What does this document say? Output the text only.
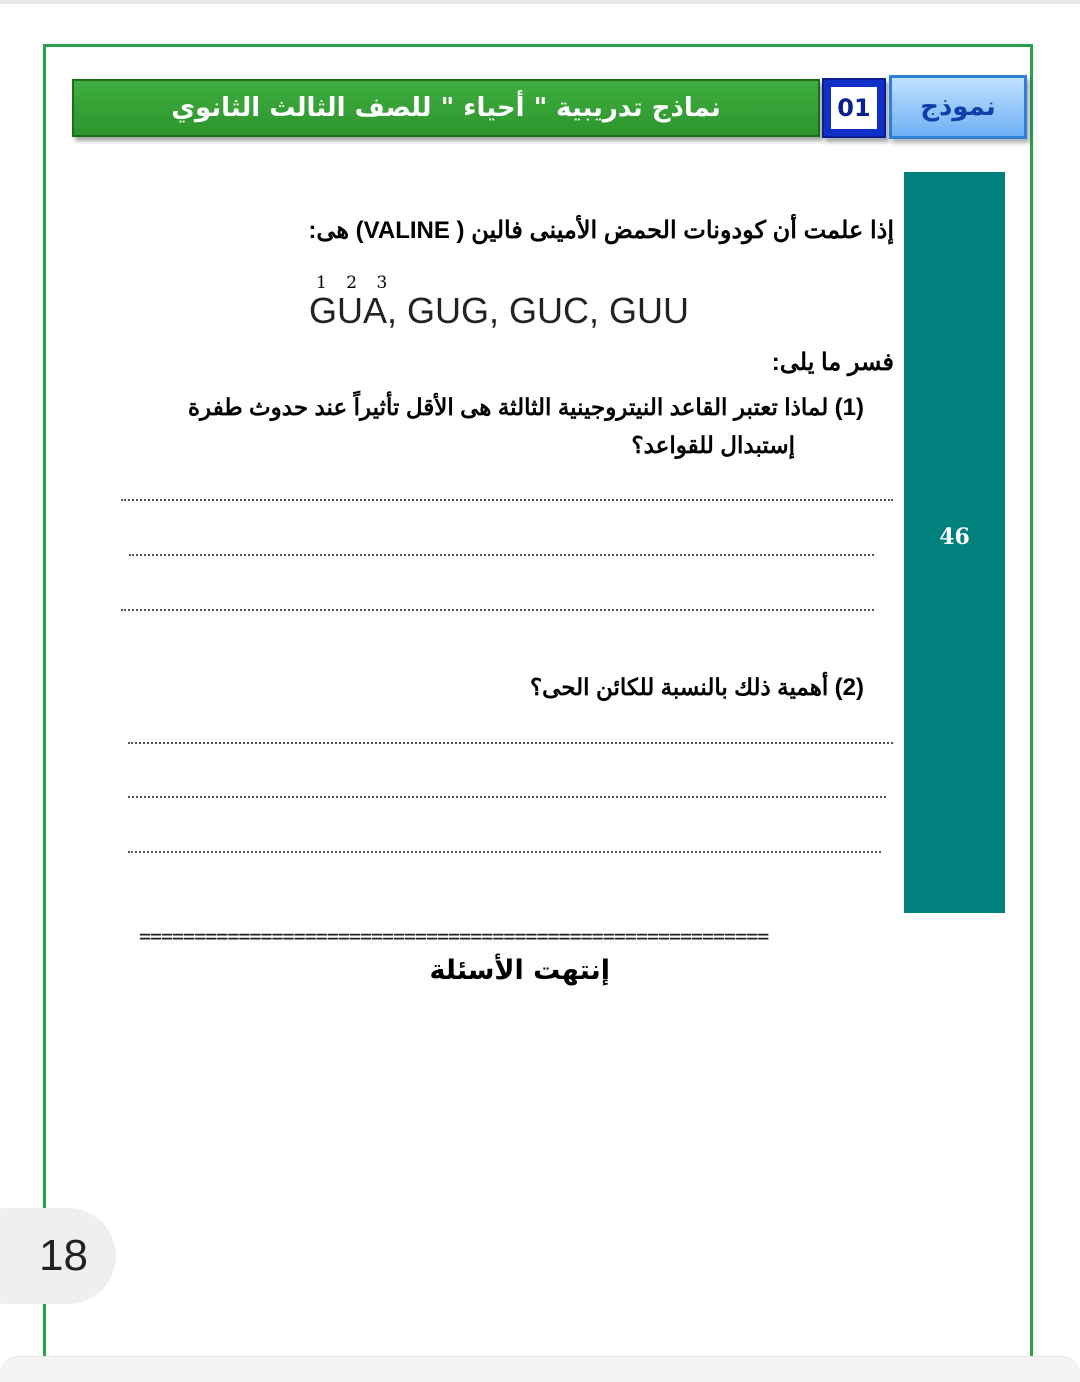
نماذج تدريبية " أحياء " للصف الثالث الثانوي	01 نموذج
46
إذا علمت أن كودونات الحمض الأمينى فالين ( VALINE) هى:
1 2 3
GUA, GUG, GUC, GUU
فسر ما يلى:
(1) لماذا تعتبر القاعد النيتروجينية الثالثة هى الأقل تأثيراً عند حدوث طفرة
إستبدال للقواعد؟
(2) أهمية ذلك بالنسبة للكائن الحى؟
=========================================================
إنتهت الأسئلة
18
